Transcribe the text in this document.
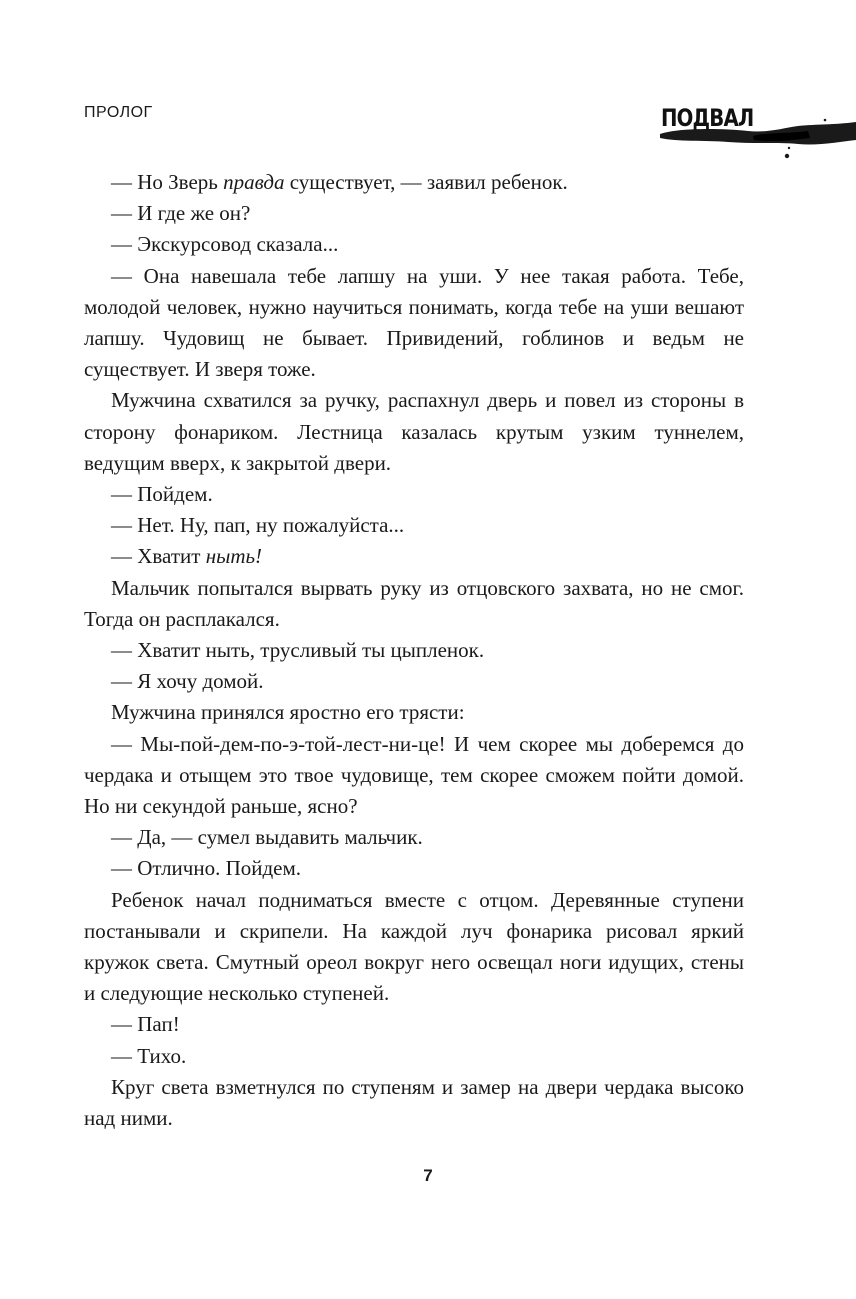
ПРОЛОГ	ПОДВАЛ

— Но Зверь правда существует, — заявил ребенок.

— И где же он?

— Экскурсовод сказала...

— Она навешала тебе лапшу на уши. У нее такая работа. Тебе, молодой человек, нужно научиться понимать, когда тебе на уши вешают лапшу. Чудовищ не бывает. Привидений, гоблинов и ведьм не существует. И зверя тоже.

Мужчина схватился за ручку, распахнул дверь и повел из стороны в сторону фонариком. Лестница казалась крутым узким туннелем, ведущим вверх, к закрытой двери.

— Пойдем.

— Нет. Ну, пап, ну пожалуйста...

— Хватит ныть!

Мальчик попытался вырвать руку из отцовского захвата, но не смог. Тогда он расплакался.

— Хватит ныть, трусливый ты цыпленок.

— Я хочу домой.

Мужчина принялся яростно его трясти:

— Мы-пой-дем-по-э-той-лест-ни-це! И чем скорее мы доберемся до чердака и отыщем это твое чудовище, тем скорее сможем пойти домой. Но ни секундой раньше, ясно?

— Да, — сумел выдавить мальчик.

— Отлично. Пойдем.

Ребенок начал подниматься вместе с отцом. Деревянные ступени постанывали и скрипели. На каждой луч фонарика рисовал яркий кружок света. Смутный ореол вокруг него освещал ноги идущих, стены и следующие несколько ступеней.

— Пап!

— Тихо.

Круг света взметнулся по ступеням и замер на двери чердака высоко над ними.

7
